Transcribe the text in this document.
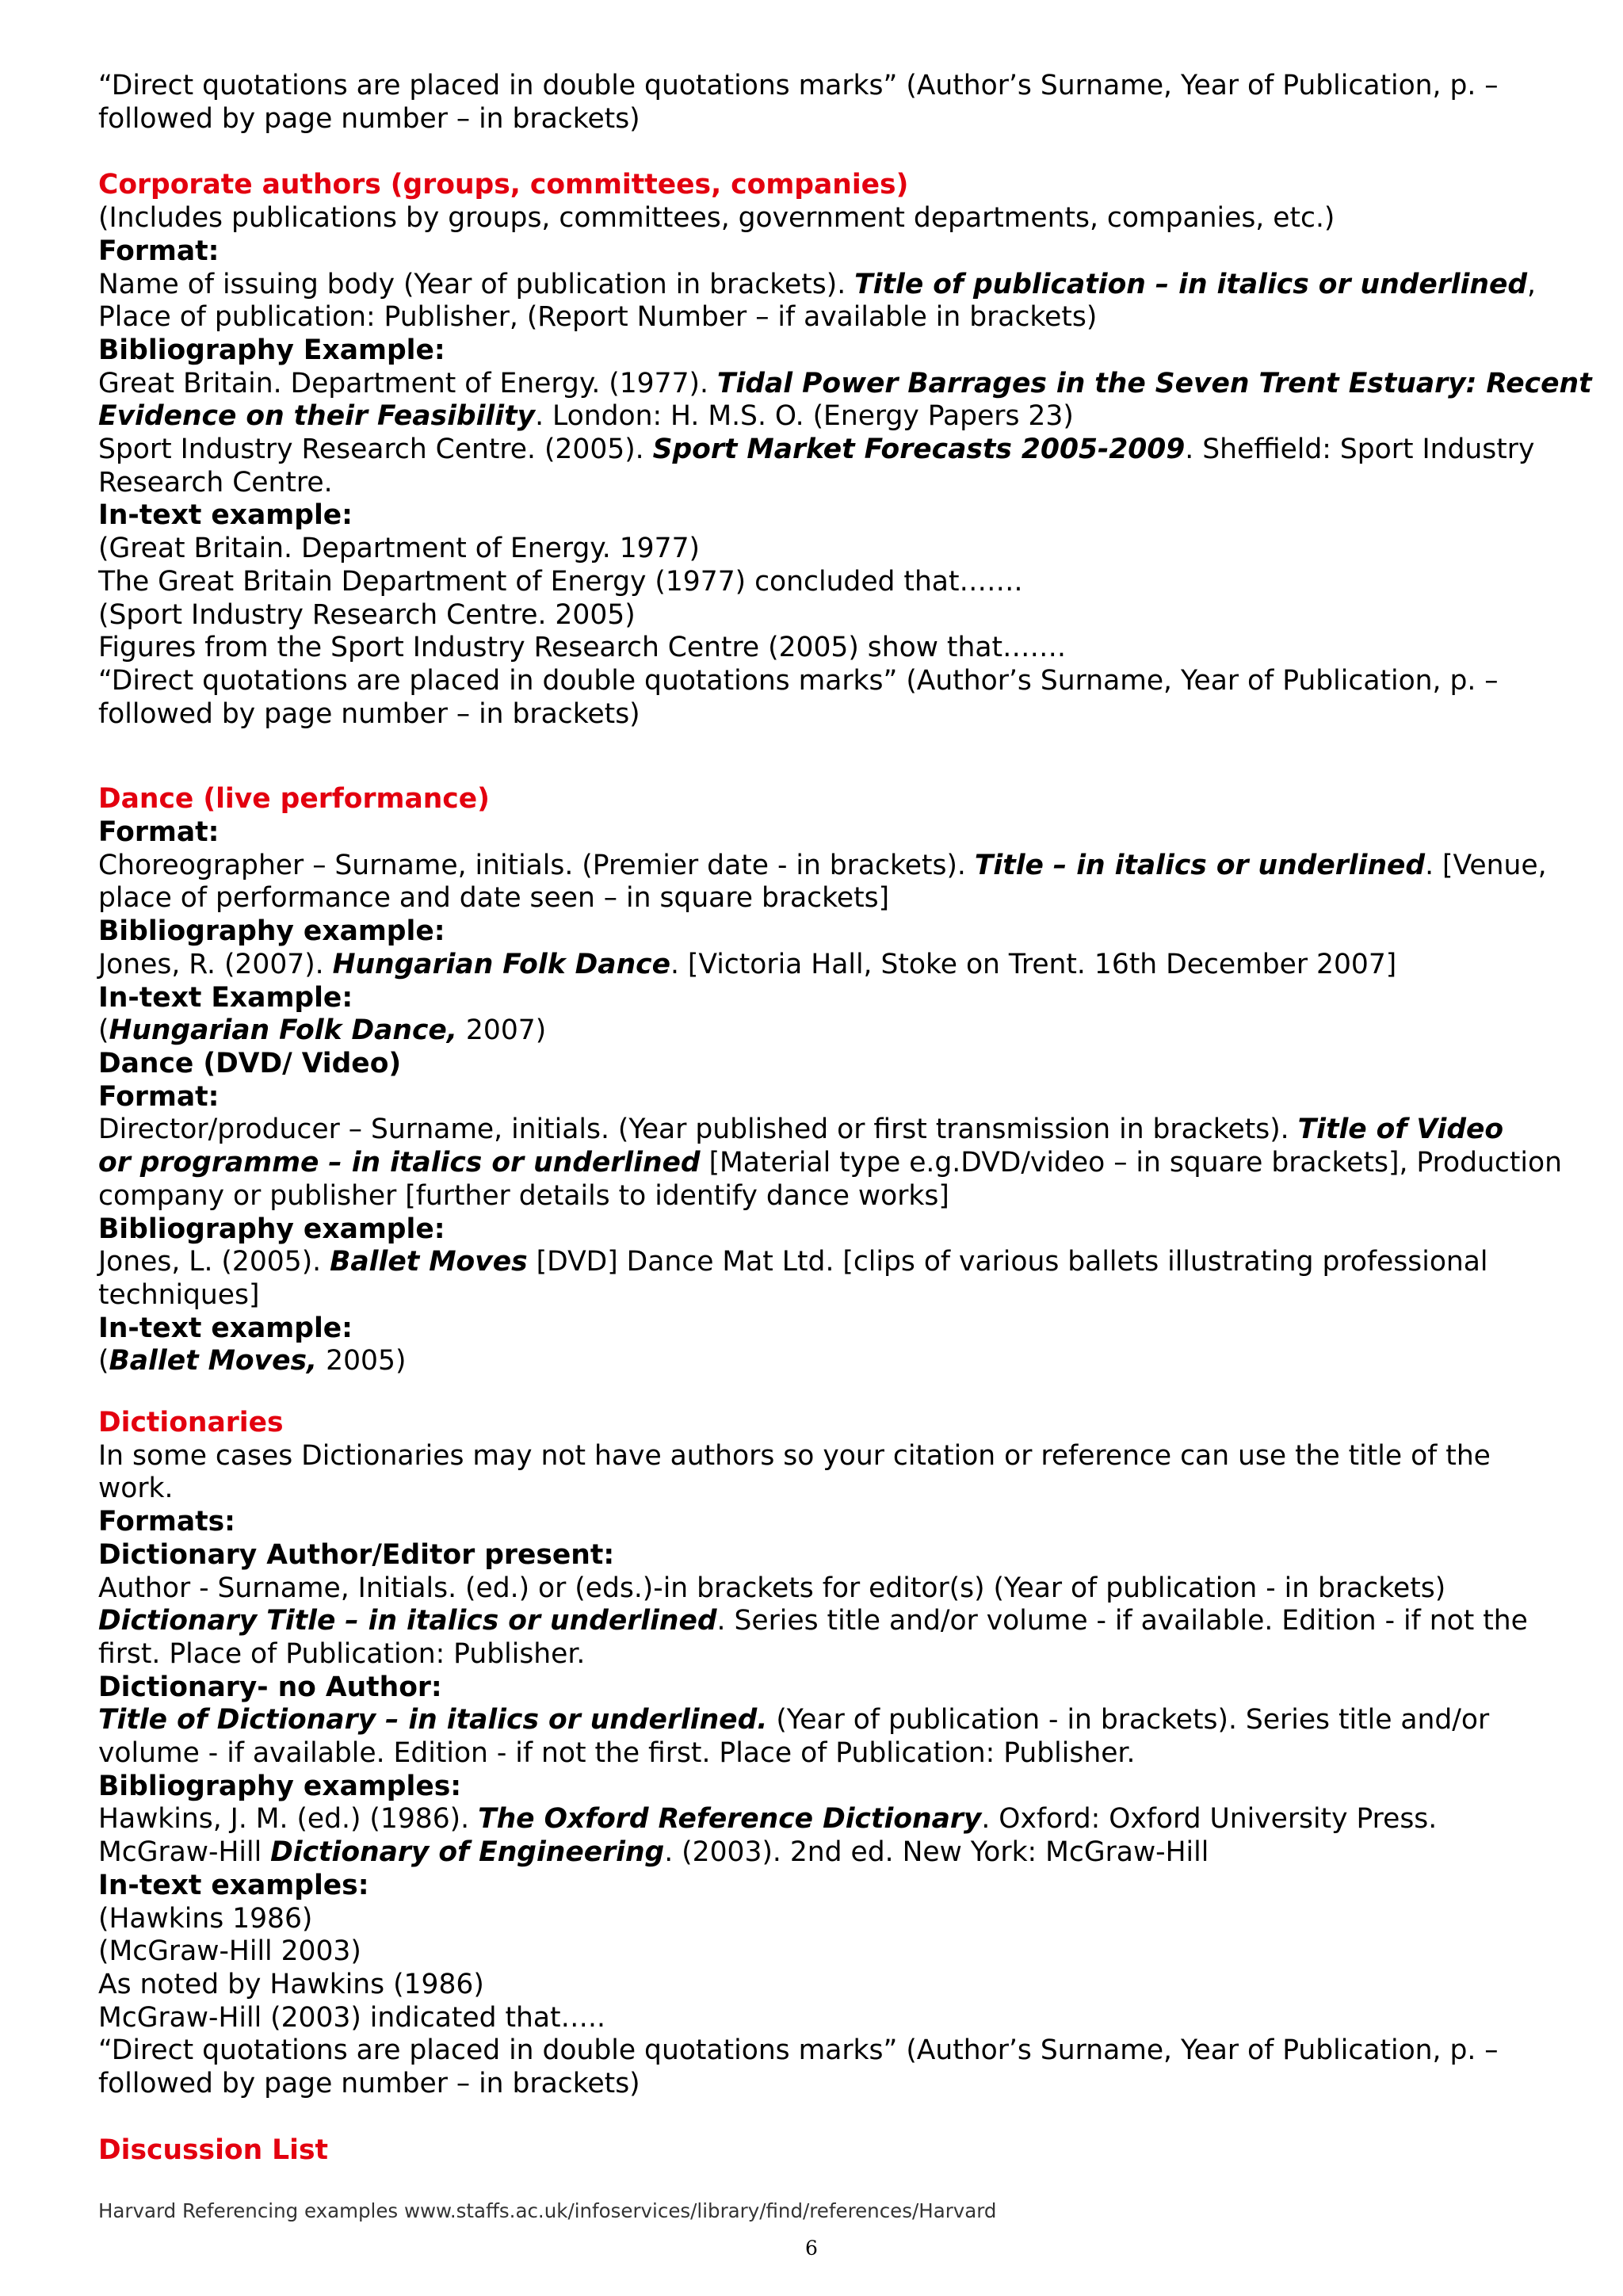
“Direct quotations are placed in double quotations marks” (Author’s Surname, Year of Publication, p. –
followed by page number – in brackets)
Corporate authors (groups, committees, companies)
(Includes publications by groups, committees, government departments, companies, etc.)
Format:
Name of issuing body (Year of publication in brackets). Title of publication – in italics or underlined,
Place of publication: Publisher, (Report Number – if available in brackets)
Bibliography Example:
Great Britain. Department of Energy. (1977). Tidal Power Barrages in the Seven Trent Estuary: Recent
Evidence on their Feasibility. London: H. M.S. O. (Energy Papers 23)
Sport Industry Research Centre. (2005). Sport Market Forecasts 2005-2009. Sheffield: Sport Industry
Research Centre.
In-text example:
(Great Britain. Department of Energy. 1977)
The Great Britain Department of Energy (1977) concluded that…….
(Sport Industry Research Centre. 2005)
Figures from the Sport Industry Research Centre (2005) show that…….
“Direct quotations are placed in double quotations marks” (Author’s Surname, Year of Publication, p. –
followed by page number – in brackets)
Dance (live performance)
Format:
Choreographer – Surname, initials. (Premier date - in brackets). Title – in italics or underlined. [Venue,
place of performance and date seen – in square brackets]
Bibliography example:
Jones, R. (2007). Hungarian Folk Dance. [Victoria Hall, Stoke on Trent. 16th December 2007]
In-text Example:
(Hungarian Folk Dance, 2007)
Dance (DVD/ Video)
Format:
Director/producer – Surname, initials. (Year published or first transmission in brackets). Title of Video
or programme – in italics or underlined [Material type e.g.DVD/video – in square brackets], Production
company or publisher [further details to identify dance works]
Bibliography example:
Jones, L. (2005). Ballet Moves [DVD] Dance Mat Ltd. [clips of various ballets illustrating professional
techniques]
In-text example:
(Ballet Moves, 2005)
Dictionaries
In some cases Dictionaries may not have authors so your citation or reference can use the title of the
work.
Formats:
Dictionary Author/Editor present:
Author - Surname, Initials. (ed.) or (eds.)-in brackets for editor(s) (Year of publication - in brackets)
Dictionary Title – in italics or underlined. Series title and/or volume - if available. Edition - if not the
first. Place of Publication: Publisher.
Dictionary- no Author:
Title of Dictionary – in italics or underlined. (Year of publication - in brackets). Series title and/or
volume - if available. Edition - if not the first. Place of Publication: Publisher.
Bibliography examples:
Hawkins, J. M. (ed.) (1986). The Oxford Reference Dictionary. Oxford: Oxford University Press.
McGraw-Hill Dictionary of Engineering. (2003). 2nd ed. New York: McGraw-Hill
In-text examples:
(Hawkins 1986)
(McGraw-Hill 2003)
As noted by Hawkins (1986)
McGraw-Hill (2003) indicated that…..
“Direct quotations are placed in double quotations marks” (Author’s Surname, Year of Publication, p. –
followed by page number – in brackets)
Discussion List
Harvard Referencing examples www.staffs.ac.uk/infoservices/library/find/references/Harvard
6
